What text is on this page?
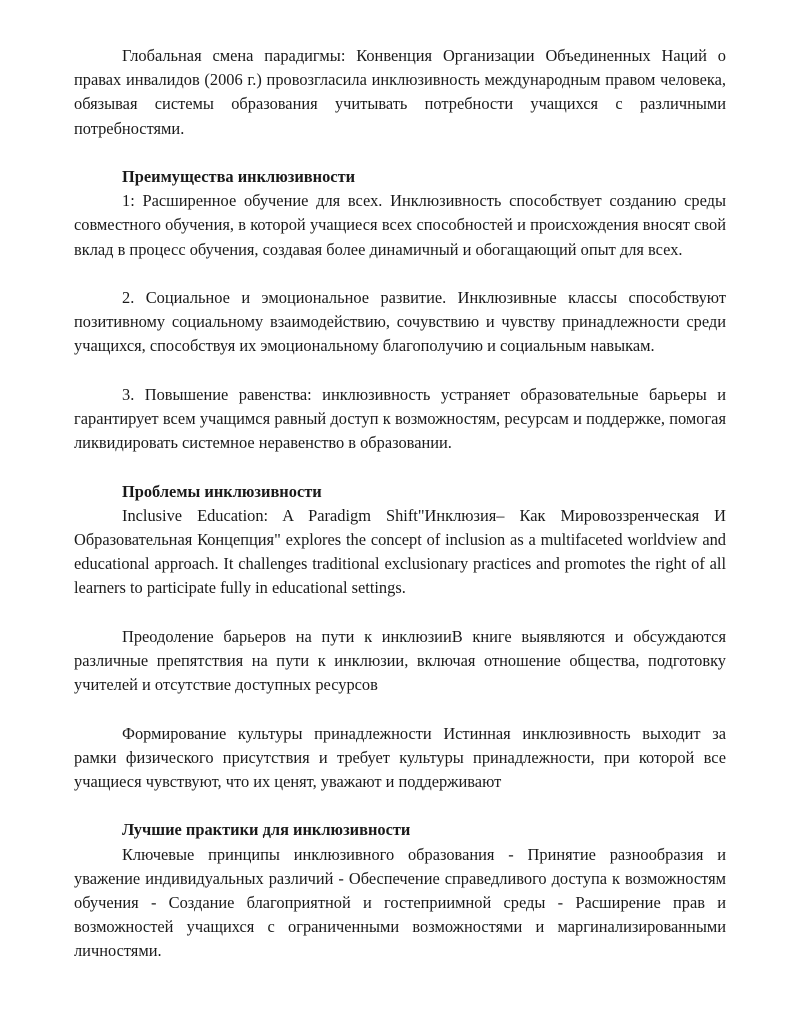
Глобальная смена парадигмы: Конвенция Организации Объединенных Наций о правах инвалидов (2006 г.) провозгласила инклюзивность международным правом человека, обязывая системы образования учитывать потребности учащихся с различными потребностями.

Преимущества инклюзивности

1: Расширенное обучение для всех. Инклюзивность способствует созданию среды совместного обучения, в которой учащиеся всех способностей и происхождения вносят свой вклад в процесс обучения, создавая более динамичный и обогащающий опыт для всех.

2. Социальное и эмоциональное развитие. Инклюзивные классы способствуют позитивному социальному взаимодействию, сочувствию и чувству принадлежности среди учащихся, способствуя их эмоциональному благополучию и социальным навыкам.

3. Повышение равенства: инклюзивность устраняет образовательные барьеры и гарантирует всем учащимся равный доступ к возможностям, ресурсам и поддержке, помогая ликвидировать системное неравенство в образовании.

Проблемы инклюзивности

Inclusive Education: A Paradigm Shift"Инклюзия– Как Мировоззренческая И Образовательная Концепция" explores the concept of inclusion as a multifaceted worldview and educational approach. It challenges traditional exclusionary practices and promotes the right of all learners to participate fully in educational settings.

Преодоление барьеров на пути к инклюзииВ книге выявляются и обсуждаются различные препятствия на пути к инклюзии, включая отношение общества, подготовку учителей и отсутствие доступных ресурсов

Формирование культуры принадлежности Истинная инклюзивность выходит за рамки физического присутствия и требует культуры принадлежности, при которой все учащиеся чувствуют, что их ценят, уважают и поддерживают

Лучшие практики для инклюзивности

Ключевые принципы инклюзивного образования - Принятие разнообразия и уважение индивидуальных различий - Обеспечение справедливого доступа к возможностям обучения - Создание благоприятной и гостеприимной среды - Расширение прав и возможностей учащихся с ограниченными возможностями и маргинализированными личностями.
